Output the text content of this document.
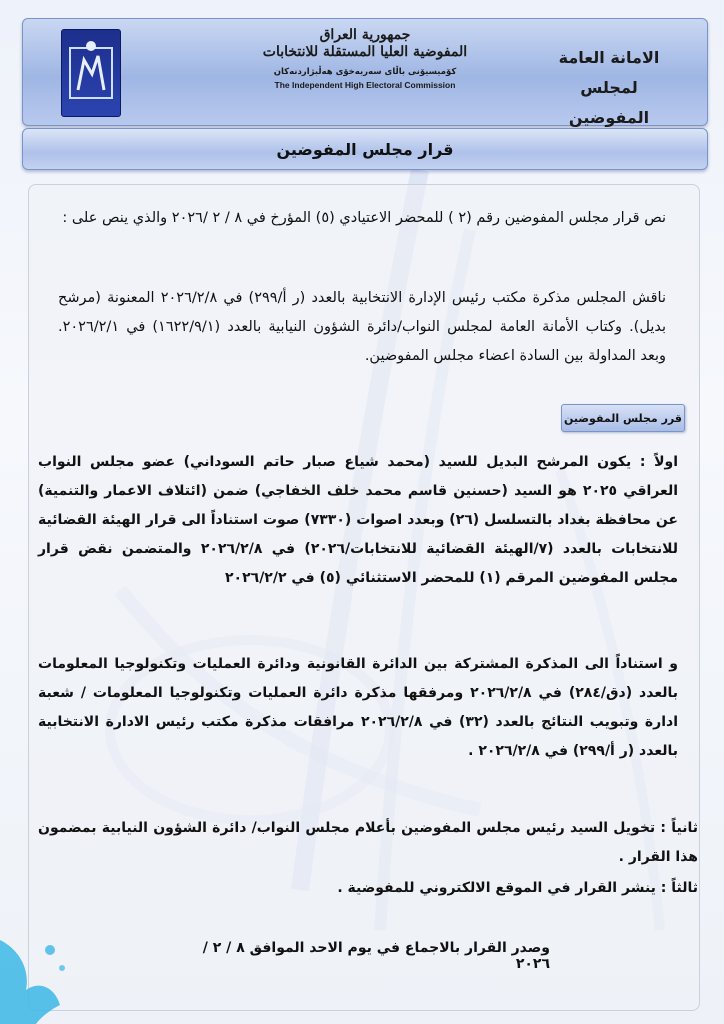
جمهورية العراق
المفوضية العليا المستقلة للانتخابات
كۆمیسیۆنی باڵای سەربەخۆی هەڵبژاردنەکان
The Independent High Electoral Commission
الامانة العامة
لمجلس المفوضين
قرار مجلس المفوضين
نص قرار مجلس المفوضين رقم (٢ ) للمحضر الاعتيادي (٥) المؤرخ في ٨ / ٢ /٢٠٢٦ والذي ينص على :
ناقش المجلس مذكرة مكتب رئيس الإدارة الانتخابية بالعدد (ر أ/٢٩٩) في ٢٠٢٦/٢/٨ المعنونة (مرشح بديل). وكتاب الأمانة العامة لمجلس النواب/دائرة الشؤون النيابية بالعدد (١٦٢٢/٩/١) في ٢٠٢٦/٢/١. وبعد المداولة بين السادة اعضاء مجلس المفوضين.
قرر مجلس المفوضين
اولاً : يكون المرشح البديل للسيد (محمد شياع صبار حاتم السوداني) عضو مجلس النواب العراقي ٢٠٢٥ هو السيد (حسنين قاسم محمد خلف الخفاجي) ضمن (ائتلاف الاعمار والتنمية) عن محافظة بغداد بالتسلسل (٢٦) وبعدد اصوات (٧٣٣٠) صوت استناداً الى قرار الهيئة القضائية للانتخابات بالعدد (٧/الهيئة القضائية للانتخابات/٢٠٢٦) في ٢٠٢٦/٢/٨ والمتضمن نقض قرار مجلس المفوضين المرقم (١) للمحضر الاستثنائي (٥) في ٢٠٢٦/٢/٢
و استناداً الى المذكرة المشتركة بين الدائرة القانونية ودائرة العمليات وتكنولوجيا المعلومات بالعدد (دق/٢٨٤) في ٢٠٢٦/٢/٨ ومرفقها مذكرة دائرة العمليات وتكنولوجيا المعلومات / شعبة ادارة وتبويب النتائج بالعدد (٣٢) في ٢٠٢٦/٢/٨ مرافقات مذكرة مكتب رئيس الادارة الانتخابية بالعدد (ر أ/٢٩٩) في ٢٠٢٦/٢/٨ .
ثانياً : تخويل السيد رئيس مجلس المفوضين بأعلام مجلس النواب/ دائرة الشؤون النيابية بمضمون هذا القرار .
ثالثاً : ينشر القرار في الموقع الالكتروني للمفوضية .
وصدر القرار بالاجماع في يوم الاحد الموافق ٨ / ٢ /٢٠٢٦
